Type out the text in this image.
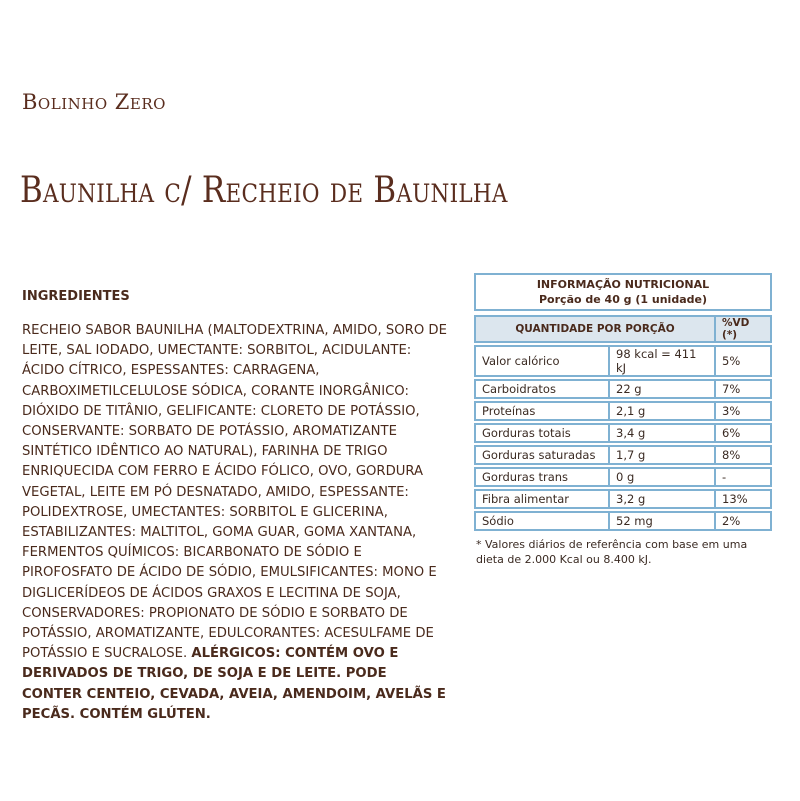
Bolinho Zero
Baunilha c/ Recheio de Baunilha
INGREDIENTES
RECHEIO SABOR BAUNILHA (MALTODEXTRINA, AMIDO, SORO DE LEITE, SAL IODADO, UMECTANTE: SORBITOL, ACIDULANTE: ÁCIDO CÍTRICO, ESPESSANTES: CARRAGENA, CARBOXIMETILCELULOSE SÓDICA, CORANTE INORGÂNICO: DIÓXIDO DE TITÂNIO, GELIFICANTE: CLORETO DE POTÁSSIO, CONSERVANTE: SORBATO DE POTÁSSIO, AROMATIZANTE SINTÉTICO IDÊNTICO AO NATURAL), FARINHA DE TRIGO ENRIQUECIDA COM FERRO E ÁCIDO FÓLICO, OVO, GORDURA VEGETAL, LEITE EM PÓ DESNATADO, AMIDO, ESPESSANTE: POLIDEXTROSE, UMECTANTES: SORBITOL E GLICERINA, ESTABILIZANTES: MALTITOL, GOMA GUAR, GOMA XANTANA, FERMENTOS QUÍMICOS: BICARBONATO DE SÓDIO E PIROFOSFATO DE ÁCIDO DE SÓDIO, EMULSIFICANTES: MONO E DIGLICERÍDEOS DE ÁCIDOS GRAXOS E LECITINA DE SOJA, CONSERVADORES: PROPIONATO DE SÓDIO E SORBATO DE POTÁSSIO, AROMATIZANTE, EDULCORANTES: ACESULFAME DE POTÁSSIO E SUCRALOSE. ALÉRGICOS: CONTÉM OVO E DERIVADOS DE TRIGO, DE SOJA E DE LEITE. PODE CONTER CENTEIO, CEVADA, AVEIA, AMENDOIM, AVELÃS E PECÃS. CONTÉM GLÚTEN.
INFORMAÇÃO NUTRICIONAL
Porção de 40 g (1 unidade)
QUANTIDADE POR PORÇÃO		%VD (*)
Valor calórico	98 kcal = 411 kJ	5%
Carboidratos	22 g	7%
Proteínas	2,1 g	3%
Gorduras totais	3,4 g	6%
Gorduras saturadas	1,7 g	8%
Gorduras trans	0 g	-
Fibra alimentar	3,2 g	13%
Sódio	52 mg	2%
* Valores diários de referência com base em uma dieta de 2.000 Kcal ou 8.400 kJ.
